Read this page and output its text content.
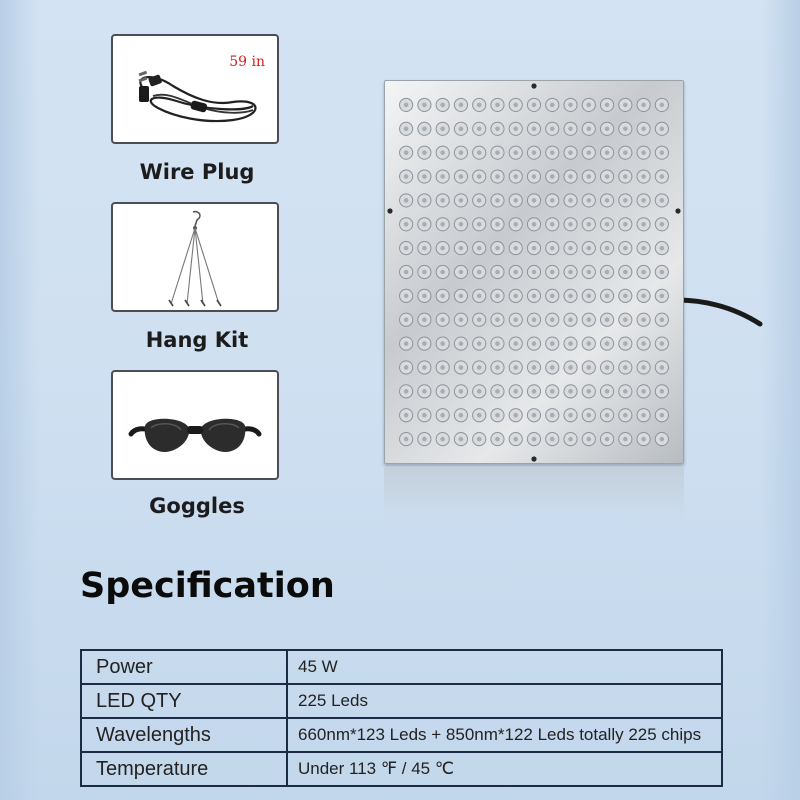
59 in
Wire Plug
Hang Kit
Goggles
Specification
Power	45 W
LED QTY	225 Leds
Wavelengths	660nm*123 Leds + 850nm*122 Leds totally 225 chips
Temperature	Under 113 ℉ / 45 ℃
